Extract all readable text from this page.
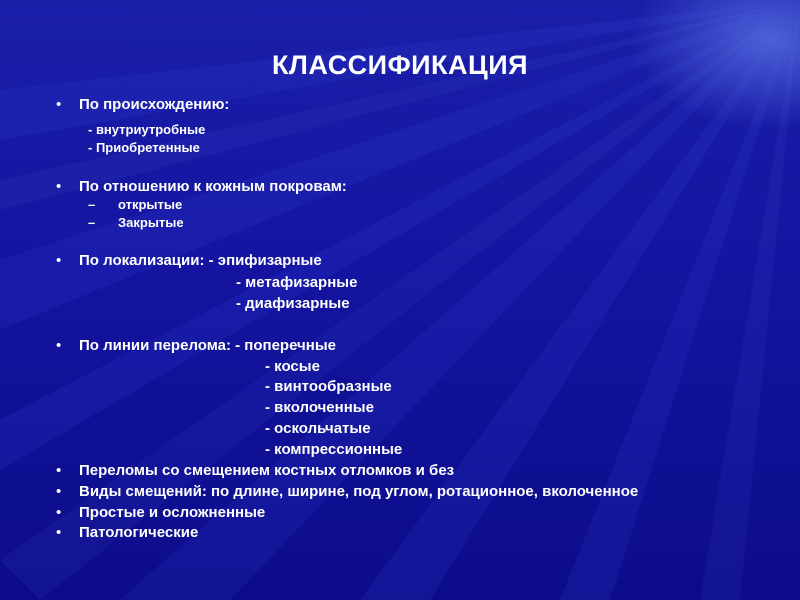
КЛАССИФИКАЦИЯ
• По происхождению:
- внутриутробные
- Приобретенные
• По отношению к кожным покровам:
– открытые
– Закрытые
• По локализации: - эпифизарные
- метафизарные
- диафизарные
• По линии перелома: - поперечные
- косые
- винтообразные
- вколоченные
- оскольчатые
- компрессионные
• Переломы со смещением костных отломков и без
• Виды смещений: по длине, ширине, под углом, ротационное, вколоченное
• Простые и осложненные
• Патологические
